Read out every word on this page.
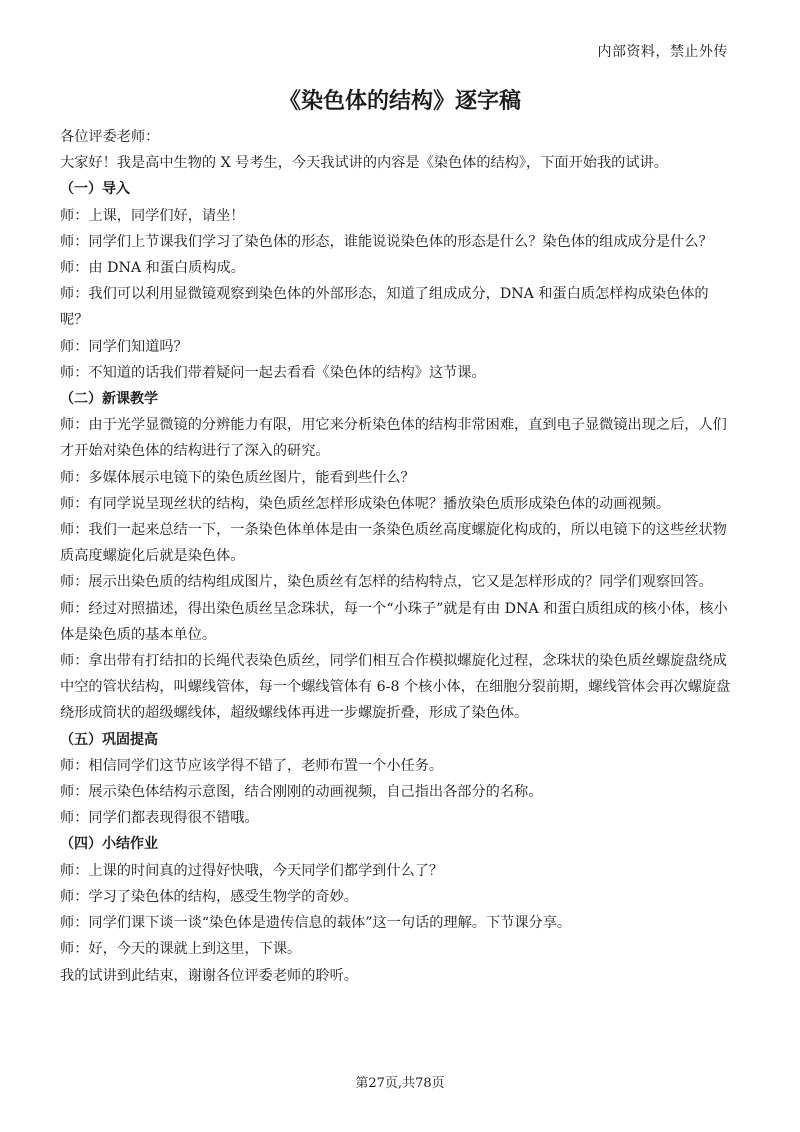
内部资料，禁止外传
《染色体的结构》逐字稿

各位评委老师：

大家好！我是高中生物的 X 号考生，今天我试讲的内容是《染色体的结构》，下面开始我的试讲。

（一）导入

师：上课，同学们好，请坐！

师：同学们上节课我们学习了染色体的形态，谁能说说染色体的形态是什么？染色体的组成成分是什么？

师：由 DNA 和蛋白质构成。

师：我们可以利用显微镜观察到染色体的外部形态，知道了组成成分，DNA 和蛋白质怎样构成染色体的呢？

师：同学们知道吗？

师：不知道的话我们带着疑问一起去看看《染色体的结构》这节课。

（二）新课教学

师：由于光学显微镜的分辨能力有限，用它来分析染色体的结构非常困难，直到电子显微镜出现之后，人们才开始对染色体的结构进行了深入的研究。

师：多媒体展示电镜下的染色质丝图片，能看到些什么？

师：有同学说呈现丝状的结构，染色质丝怎样形成染色体呢？播放染色质形成染色体的动画视频。

师：我们一起来总结一下，一条染色体单体是由一条染色质丝高度螺旋化构成的，所以电镜下的这些丝状物质高度螺旋化后就是染色体。

师：展示出染色质的结构组成图片，染色质丝有怎样的结构特点，它又是怎样形成的？同学们观察回答。

师：经过对照描述，得出染色质丝呈念珠状，每一个“小珠子”就是有由 DNA 和蛋白质组成的核小体，核小体是染色质的基本单位。

师：拿出带有打结扣的长绳代表染色质丝，同学们相互合作模拟螺旋化过程，念珠状的染色质丝螺旋盘绕成中空的管状结构，叫螺线管体，每一个螺线管体有 6-8 个核小体，在细胞分裂前期，螺线管体会再次螺旋盘绕形成筒状的超级螺线体，超级螺线体再进一步螺旋折叠，形成了染色体。

（五）巩固提高

师：相信同学们这节应该学得不错了，老师布置一个小任务。

师：展示染色体结构示意图，结合刚刚的动画视频，自己指出各部分的名称。

师：同学们都表现得很不错哦。

（四）小结作业

师：上课的时间真的过得好快哦，今天同学们都学到什么了？

师：学习了染色体的结构，感受生物学的奇妙。

师：同学们课下谈一谈“染色体是遗传信息的载体”这一句话的理解。下节课分享。

师：好，今天的课就上到这里，下课。

我的试讲到此结束，谢谢各位评委老师的聆听。

第27页,共78页
